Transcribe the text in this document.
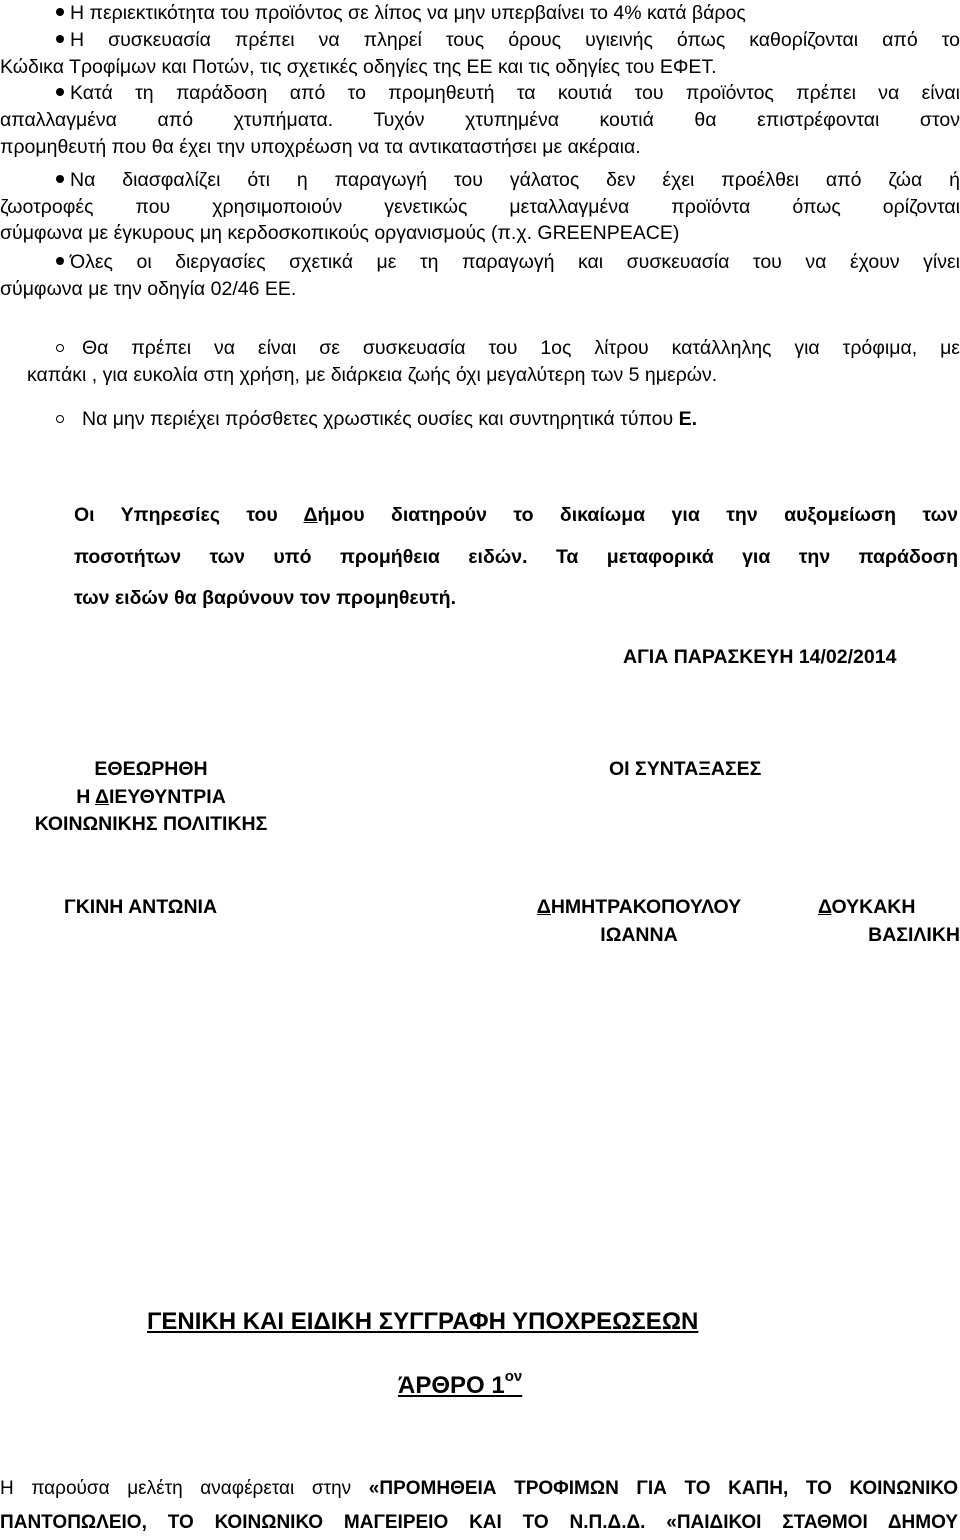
Η περιεκτικότητα του προϊόντος σε λίπος να μην υπερβαίνει το 4% κατά βάρος
Η συσκευασία πρέπει να πληρεί τους όρους υγιεινής όπως καθορίζονται από το
Κώδικα Τροφίμων και Ποτών, τις σχετικές οδηγίες της ΕΕ και τις οδηγίες του ΕΦΕΤ.
Κατά τη παράδοση από το προμηθευτή τα κουτιά του προϊόντος πρέπει να είναι
απαλλαγμένα από χτυπήματα. Τυχόν χτυπημένα κουτιά θα επιστρέφονται στον
προμηθευτή που θα έχει την υποχρέωση να τα αντικαταστήσει με ακέραια.
Να διασφαλίζει ότι η παραγωγή του γάλατος δεν έχει προέλθει από ζώα ή
ζωοτροφές που χρησιμοποιούν γενετικώς μεταλλαγμένα προϊόντα όπως ορίζονται
σύμφωνα με έγκυρους μη κερδοσκοπικούς οργανισμούς (π.χ. GREENPEACE)
Όλες οι διεργασίες σχετικά με τη παραγωγή και συσκευασία του να έχουν γίνει
σύμφωνα με την οδηγία 02/46 ΕΕ.
Θα πρέπει να είναι σε συσκευασία του 1ος λίτρου κατάλληλης για τρόφιμα, με
καπάκι , για ευκολία στη χρήση, με διάρκεια ζωής όχι μεγαλύτερη των 5 ημερών.
Να μην περιέχει πρόσθετες χρωστικές ουσίες και συντηρητικά τύπου Ε.
Οι Υπηρεσίες του Δήμου διατηρούν το δικαίωμα για την αυξομείωση των
ποσοτήτων των υπό προμήθεια ειδών. Τα μεταφορικά για την παράδοση
των ειδών θα βαρύνουν τον προμηθευτή.
ΑΓΙΑ ΠΑΡΑΣΚΕΥΗ 14/02/2014
ΕΘΕΩΡΗΘΗ
Η ΔΙΕΥΘΥΝΤΡΙΑ
ΚΟΙΝΩΝΙΚΗΣ ΠΟΛΙΤΙΚΗΣ
ΟΙ ΣΥΝΤΑΞΑΣΕΣ
ΓΚΙΝΗ ΑΝΤΩΝΙΑ	ΔΗΜΗΤΡΑΚΟΠΟΥΛΟΥ
ΙΩΑΝΝΑ
ΔΟΥΚΑΚΗ
ΒΑΣΙΛΙΚΗ
ΓΕΝΙΚΗ ΚΑΙ ΕΙΔΙΚΗ ΣΥΓΓΡΑΦΗ ΥΠΟΧΡΕΩΣΕΩΝ
ΆΡΘΡΟ $1^{o\nu}$
Η παρούσα μελέτη αναφέρεται στην «ΠΡΟΜΗΘΕΙΑ ΤΡΟΦΙΜΩΝ ΓΙΑ ΤΟ ΚΑΠΗ, ΤΟ ΚΟΙΝΩΝΙΚΟ
ΠΑΝΤΟΠΩΛΕΙΟ, ΤΟ ΚΟΙΝΩΝΙΚΟ ΜΑΓΕΙΡΕΙΟ ΚΑΙ ΤΟ Ν.Π.Δ.Δ. «ΠΑΙΔΙΚΟΙ ΣΤΑΘΜΟΙ ΔΗΜΟΥ
